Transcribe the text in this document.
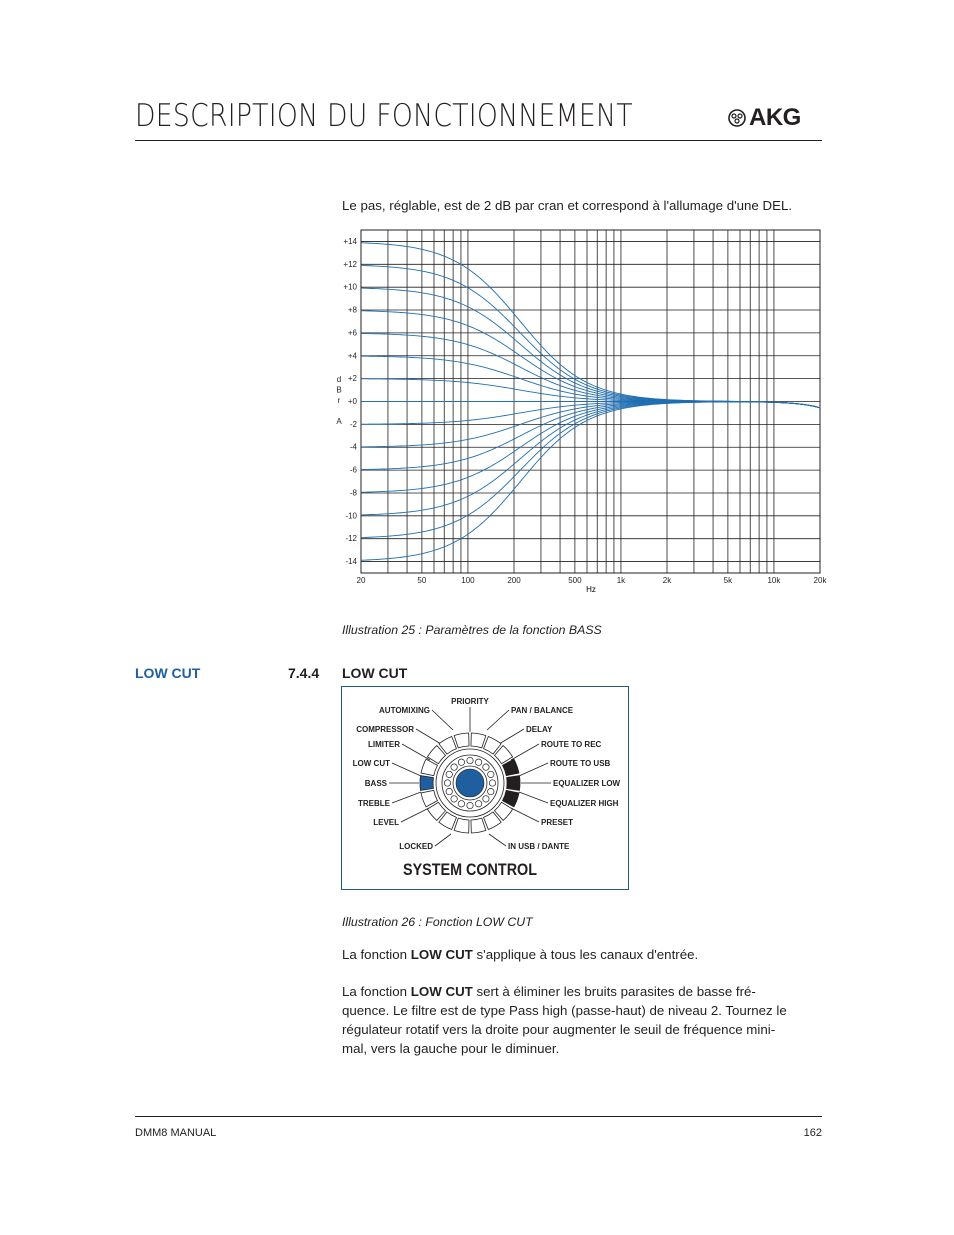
DESCRIPTION DU FONCTIONNEMENT	AKG
Le pas, réglable, est de 2 dB par cran et correspond à l'allumage d'une DEL.
+14
+12
+10
+8
+6
+4
+2
+0
-2
-4
-6
-8
-10
-12
-14
20	50	100	200	500	1k	2k	5k	10k	20k
d
B
r
A
Hz
Illustration 25 : Paramètres de la fonction BASS
LOW CUT	7.4.4 LOW CUT
PRIORITY
AUTOMIXING	PAN / BALANCE
COMPRESSOR	DELAY
LIMITER	ROUTE TO REC
LOW CUT	ROUTE TO USB
BASS	EQUALIZER LOW
TREBLE	EQUALIZER HIGH
LEVEL	PRESET
LOCKED	IN USB / DANTE
SYSTEM CONTROL
Illustration 26 : Fonction LOW CUT
La fonction LOW CUT s'applique à tous les canaux d'entrée.
La fonction LOW CUT sert à éliminer les bruits parasites de basse fré-
quence. Le filtre est de type Pass high (passe-haut) de niveau 2. Tournez le
régulateur rotatif vers la droite pour augmenter le seuil de fréquence mini-
mal, vers la gauche pour le diminuer.
DMM8 MANUAL	162
